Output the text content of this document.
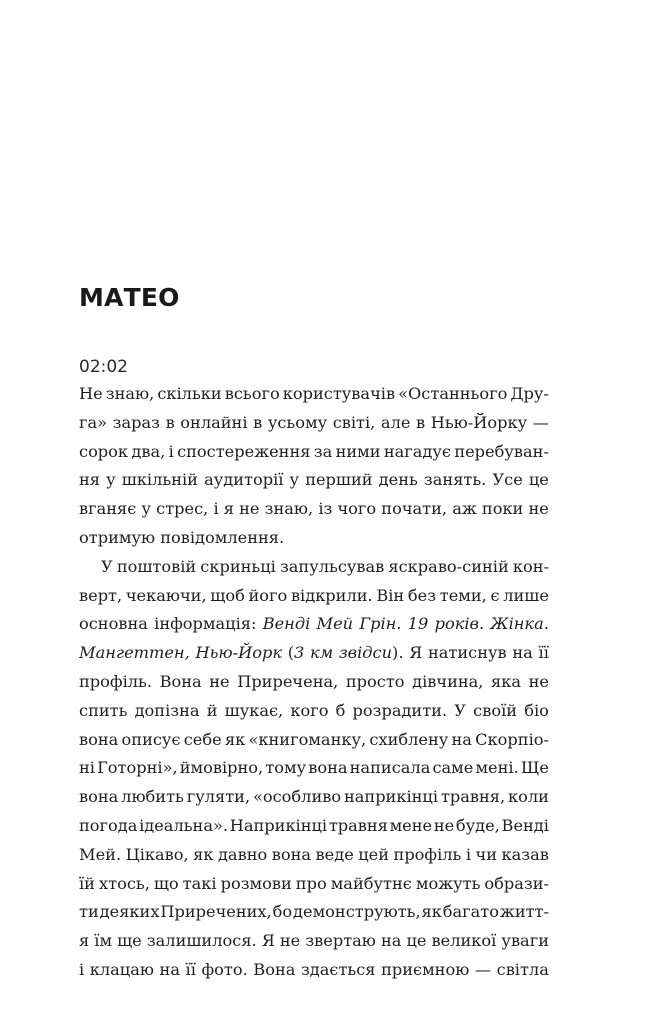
МАТЕО
02:02
Не знаю, скільки всього користувачів «Останнього Дру-
га» зараз в онлайні в усьому світі, але в Нью-Йорку —
сорок два, і спостереження за ними нагадує перебуван-
ня у шкільній аудиторії у перший день занять. Усе це
вганяє у стрес, і я не знаю, із чого почати, аж поки не
отримую
повідомлення.

У поштовій скриньці запульсував яскраво-синій кон-
верт, чекаючи, щоб його відкрили. Він без теми, є лише
основна інформація: Венді Мей Грін. 19 років. Жінка.
Мангеттен, Нью-Йорк (3 км звідси). Я натиснув на її
профіль. Вона не Приречена, просто дівчина, яка не
спить допізна й шукає, кого б розрадити. У своїй біо
вона описує себе як «книгоманку, схиблену на Скорпіо-
ні Готорні», ймовірно, тому вона написала саме мені. Ще
вона любить гуляти, «особливо наприкінці травня, коли
погода ідеальна». Наприкінці травня мене не буде, Венді
Мей. Цікаво, як давно вона веде цей профіль і чи казав
їй хтось, що такі розмови про майбутнє можуть образи-
ти деяких Приречених, бо демонструють, як багато житт-
я їм ще залишилося. Я не звертаю на це великої уваги
і клацаю на її фото. Вона здається приємною — світла
